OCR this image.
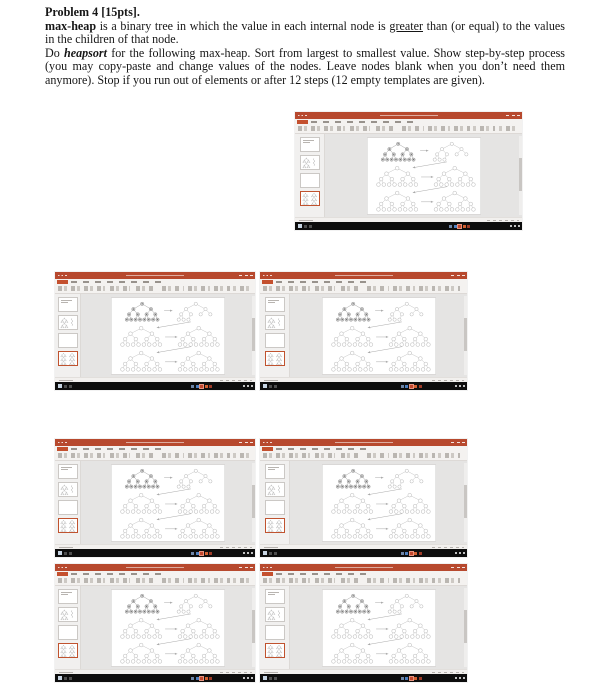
Problem 4 [15pts].

max-heap is a binary tree in which the value in each internal node is greater than (or equal) to the values in the children of that node.

Do heapsort for the following max-heap. Sort from largest to smallest value. Show step-by-step process (you may copy-paste and change values of the nodes. Leave nodes blank when you don’t need them anymore). Stop if you run out of elements or after 12 steps (12 empty templates are given).
